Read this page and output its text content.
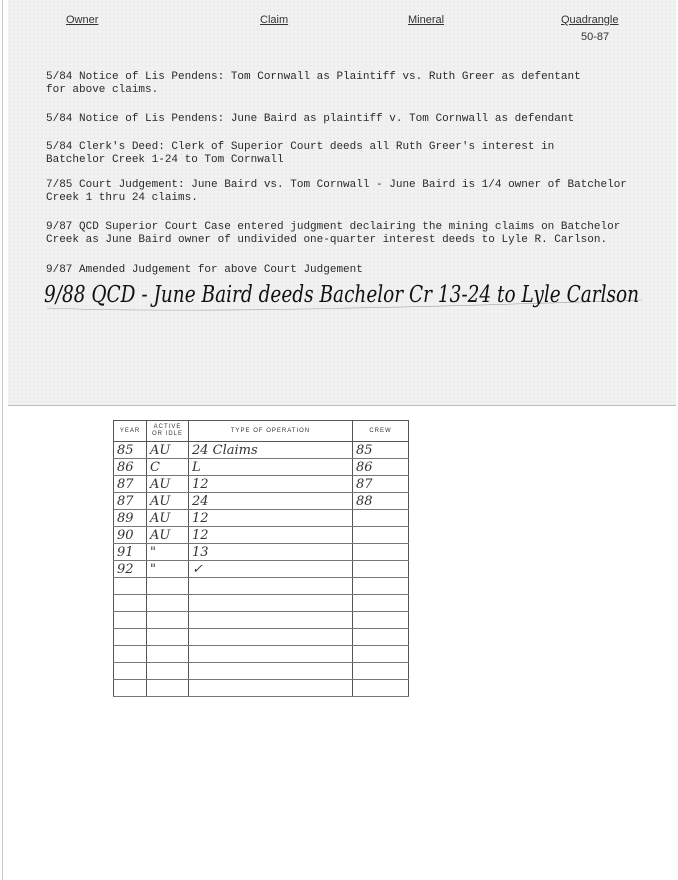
Owner	Claim	Mineral	Quadrangle
50-87
5/84 Notice of Lis Pendens: Tom Cornwall as Plaintiff vs. Ruth Greer as defentant
for above claims.
5/84 Notice of Lis Pendens: June Baird as plaintiff v. Tom Cornwall as defendant
5/84 Clerk's Deed: Clerk of Superior Court deeds all Ruth Greer's interest in
Batchelor Creek 1-24 to Tom Cornwall
7/85 Court Judgement: June Baird vs. Tom Cornwall - June Baird is 1/4 owner of Batchelor
Creek 1 thru 24 claims.
9/87 QCD Superior Court Case entered judgment declairing the mining claims on Batchelor
Creek as June Baird owner of undivided one-quarter interest deeds to Lyle R. Carlson.
9/87 Amended Judgement for above Court Judgement
9/88 QCD - June Baird deeds Bachelor Cr 13-24 to Lyle Carlson
YEAR	ACTIVE OR IDLE	TYPE OF OPERATION	CREW
85	AU	24 Claims	85
86	C	L	86
87	AU	12	87
87	AU	24	88
89	AU	12	
90	AU	12	
91	"	13	
92	"	✓	
